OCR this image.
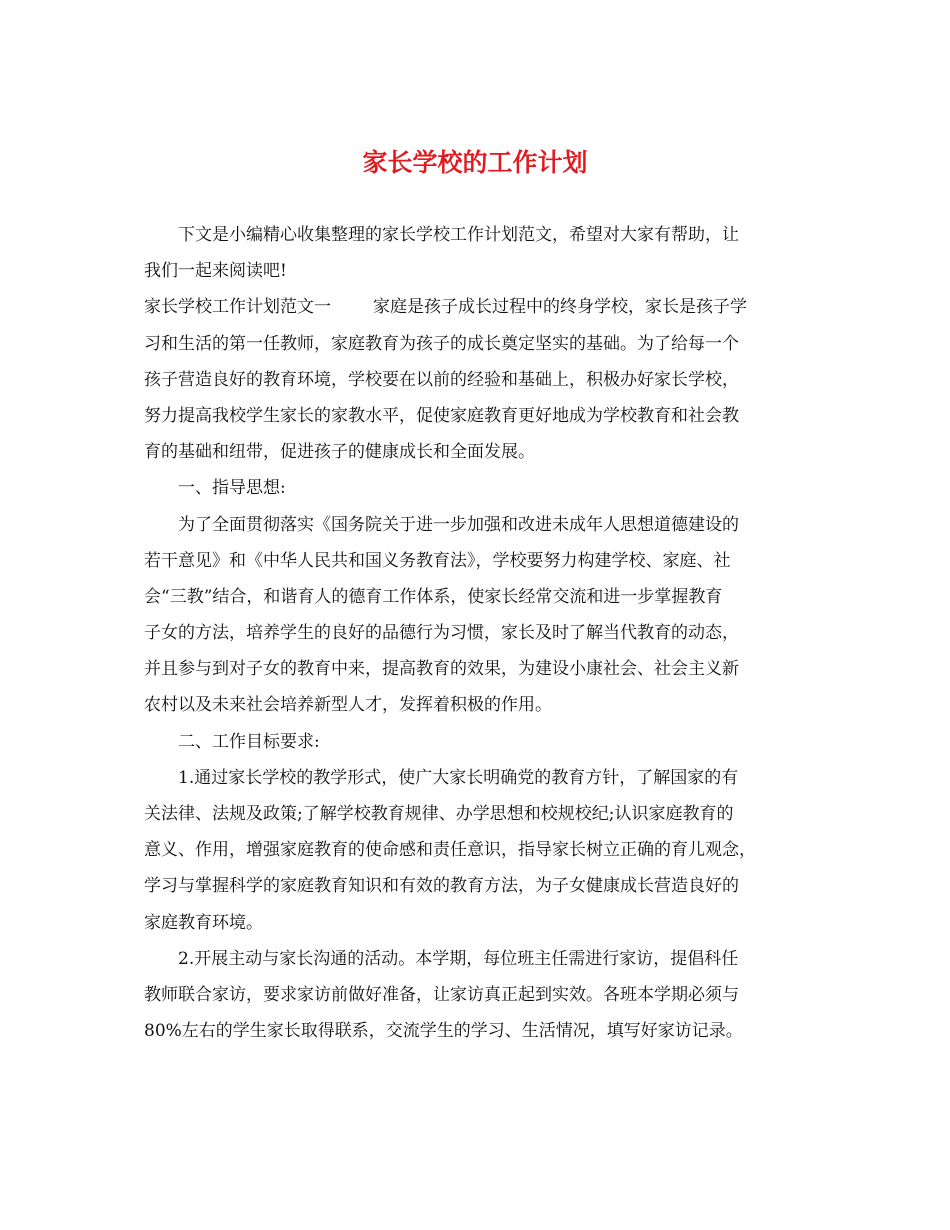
家长学校的工作计划
下文是小编精心收集整理的家长学校工作计划范文，希望对大家有帮助，让
我们一起来阅读吧!
家长学校工作计划范文一 家庭是孩子成长过程中的终身学校，家长是孩子学
习和生活的第一任教师，家庭教育为孩子的成长奠定坚实的基础。为了给每一个
孩子营造良好的教育环境，学校要在以前的经验和基础上，积极办好家长学校，
努力提高我校学生家长的家教水平，促使家庭教育更好地成为学校教育和社会教
育的基础和纽带，促进孩子的健康成长和全面发展。
一、指导思想:
为了全面贯彻落实《国务院关于进一步加强和改进未成年人思想道德建设的
若干意见》和《中华人民共和国义务教育法》，学校要努力构建学校、家庭、社
会“三教”结合，和谐育人的德育工作体系，使家长经常交流和进一步掌握教育
子女的方法，培养学生的良好的品德行为习惯，家长及时了解当代教育的动态，
并且参与到对子女的教育中来，提高教育的效果，为建设小康社会、社会主义新
农村以及未来社会培养新型人才，发挥着积极的作用。
二、工作目标要求:
1.通过家长学校的教学形式，使广大家长明确党的教育方针，了解国家的有
关法律、法规及政策;了解学校教育规律、办学思想和校规校纪;认识家庭教育的
意义、作用，增强家庭教育的使命感和责任意识，指导家长树立正确的育儿观念，
学习与掌握科学的家庭教育知识和有效的教育方法，为子女健康成长营造良好的
家庭教育环境。
2.开展主动与家长沟通的活动。本学期，每位班主任需进行家访，提倡科任
教师联合家访，要求家访前做好准备，让家访真正起到实效。各班本学期必须与
80%左右的学生家长取得联系，交流学生的学习、生活情况，填写好家访记录。
